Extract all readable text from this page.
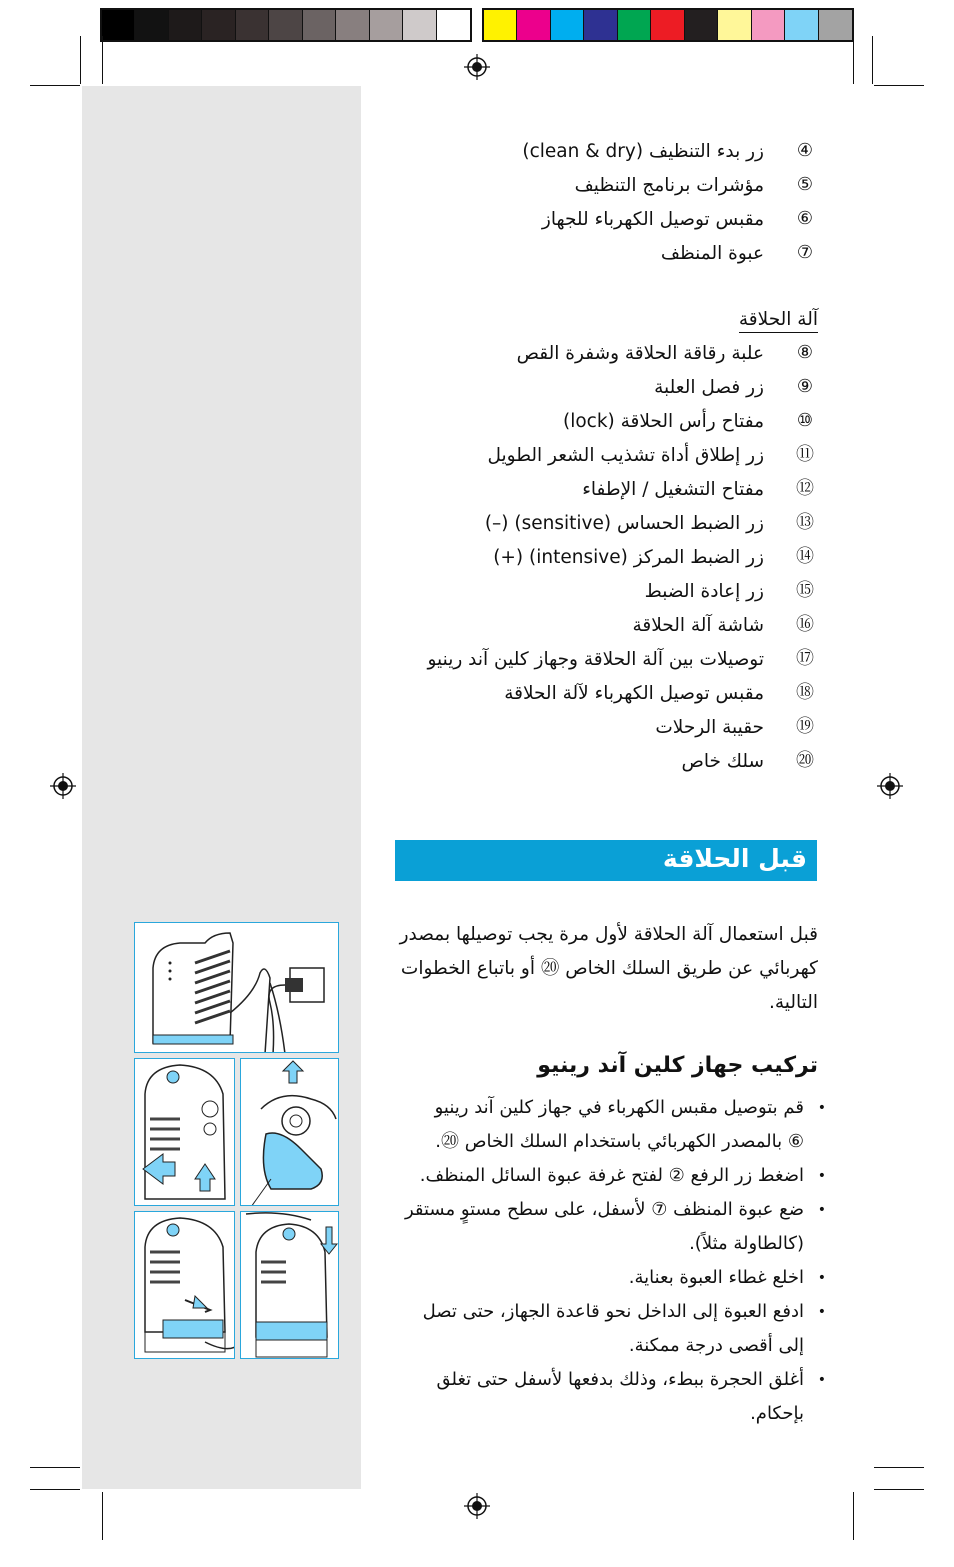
④
زر بدء التنظيف (clean & dry)
⑤
مؤشرات برنامج التنظيف
⑥
مقبس توصيل الكهرباء للجهاز
⑦
عبوة المنظف
آلة الحلاقة
⑧
علبة رقاقة الحلاقة وشفرة القص
⑨
زر فصل العلبة
⑩
مفتاح رأس الحلاقة (lock)
⑪
زر إطلاق أداة تشذيب الشعر الطويل
⑫
مفتاح التشغيل / الإطفاء
⑬
زر الضبط الحساس (sensitive) (–)
⑭
زر الضبط المركز (intensive) (+)
⑮
زر إعادة الضبط
⑯
شاشة آلة الحلاقة
⑰
توصيلات بين آلة الحلاقة وجهاز كلين آند رينيو
⑱
مقبس توصيل الكهرباء لآلة الحلاقة
⑲
حقيبة الرحلات
⑳
سلك خاص
قبل الحلاقة
قبل استعمال آلة الحلاقة لأول مرة يجب توصيلها بمصدر
كهربائي عن طريق السلك الخاص ⑳ أو باتباع الخطوات
التالية.
تركيب جهاز كلين آند رينيو
•
قم بتوصيل مقبس الكهرباء في جهاز كلين آند رينيو
⑥ بالمصدر الكهربائي باستخدام السلك الخاص ⑳.
•
اضغط زر الرفع ② لفتح غرفة عبوة السائل المنظف.
•
ضع عبوة المنظف ⑦ لأسفل، على سطح مستوٍ مستقر
(كالطاولة مثلاً).
•
اخلع غطاء العبوة بعناية.
•
ادفع العبوة إلى الداخل نحو قاعدة الجهاز، حتى تصل
إلى أقصى درجة ممكنة.
•
أغلق الحجرة ببطء، وذلك بدفعها لأسفل حتى تغلق بإحكام.
